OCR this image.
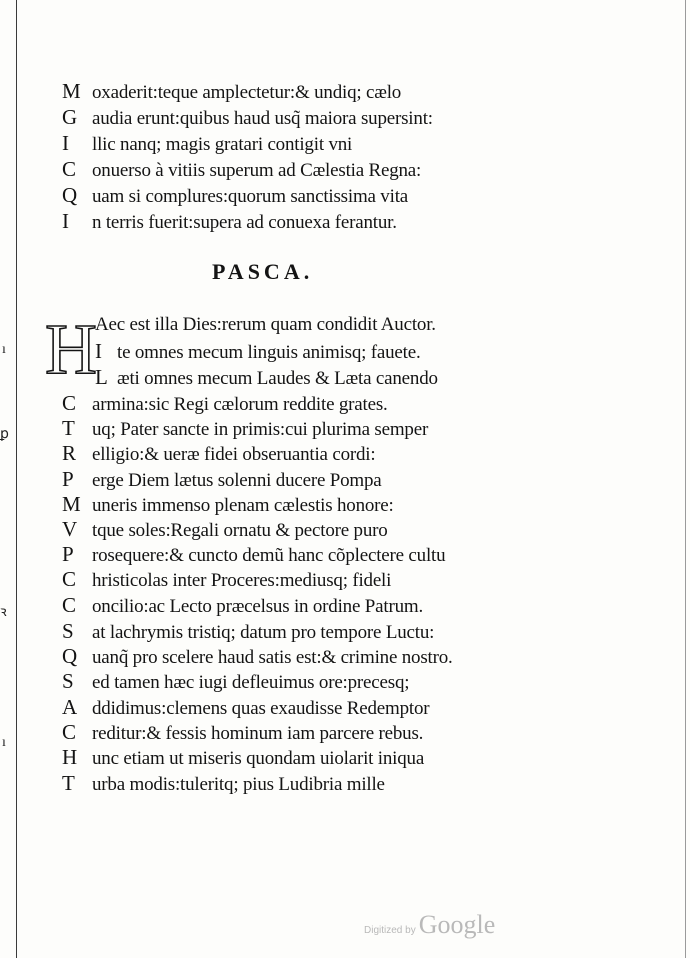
ı
ꝑ
ꝛ
ı
M oxaderit:teque amplectetur:& undiq; cælo
G audia erunt:quibus haud usq̃ maiora supersint:
I llic nanq; magis gratari contigit vni
C onuerso à vitiis superum ad Cælestia Regna:
Q uam si complures:quorum sanctissima vita
I n terris fuerit:supera ad conuexa ferantur.
PASCA.
H
Aec est illa Dies:rerum quam condidit Auctor.
I te omnes mecum linguis animisq; fauete.
L æti omnes mecum Laudes & Læta canendo
C armina:sic Regi cælorum reddite grates.
T uq; Pater sancte in primis:cui plurima semper
R elligio:& ueræ fidei obseruantia cordi:
P erge Diem lætus solenni ducere Pompa
M uneris immenso plenam cælestis honore:
V tque soles:Regali ornatu & pectore puro
P rosequere:& cuncto demũ hanc cõplectere cultu
C hristicolas inter Proceres:mediusq; fideli
C oncilio:ac Lecto præcelsus in ordine Patrum.
S at lachrymis tristiq; datum pro tempore Luctu:
Q uanq̃ pro scelere haud satis est:& crimine nostro.
S ed tamen hæc iugi defleuimus ore:precesq;
A ddidimus:clemens quas exaudisse Redemptor
C reditur:& fessis hominum iam parcere rebus.
H unc etiam ut miseris quondam uiolarit iniqua
T urba modis:tuleritq; pius Ludibria mille
Digitized by Google
